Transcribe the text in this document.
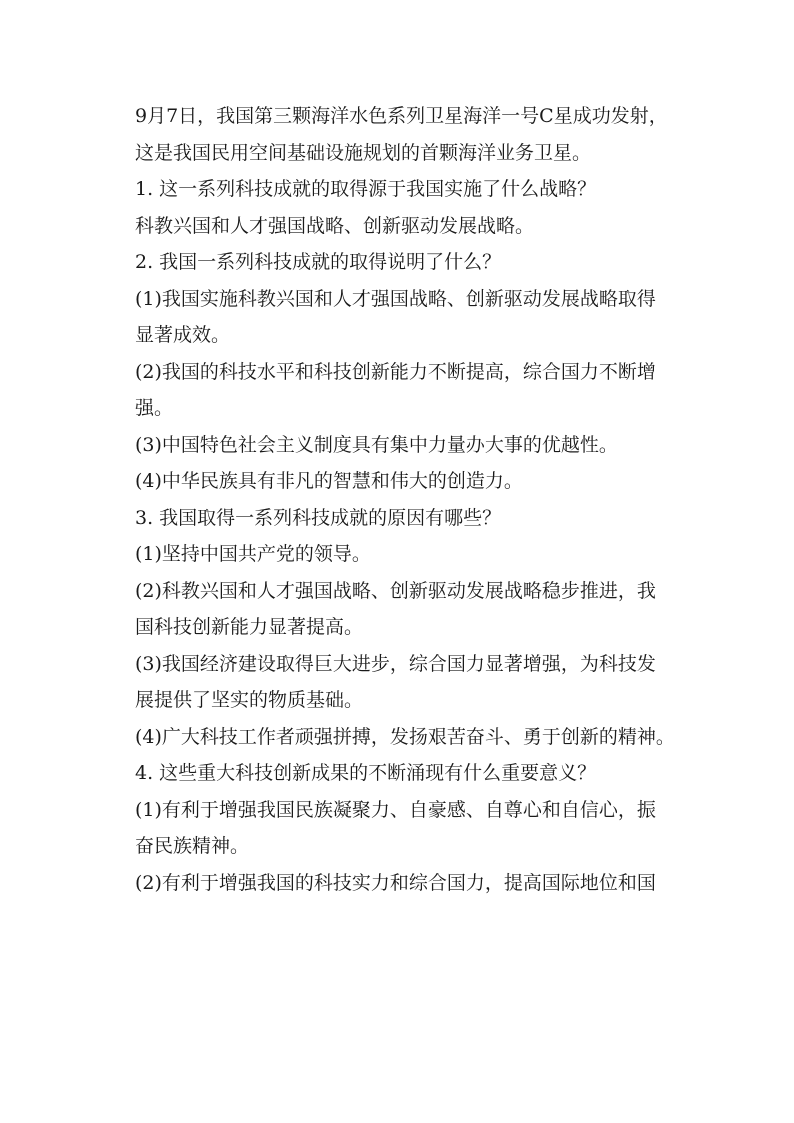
9月7日，我国第三颗海洋水色系列卫星海洋一号C星成功发射，
这是我国民用空间基础设施规划的首颗海洋业务卫星。
1. 这一系列科技成就的取得源于我国实施了什么战略？
科教兴国和人才强国战略、创新驱动发展战略。
2. 我国一系列科技成就的取得说明了什么？
(1)我国实施科教兴国和人才强国战略、创新驱动发展战略取得
显著成效。
(2)我国的科技水平和科技创新能力不断提高，综合国力不断增
强。
(3)中国特色社会主义制度具有集中力量办大事的优越性。
(4)中华民族具有非凡的智慧和伟大的创造力。
3. 我国取得一系列科技成就的原因有哪些？
(1)坚持中国共产党的领导。
(2)科教兴国和人才强国战略、创新驱动发展战略稳步推进，我
国科技创新能力显著提高。
(3)我国经济建设取得巨大进步，综合国力显著增强，为科技发
展提供了坚实的物质基础。
(4)广大科技工作者顽强拼搏，发扬艰苦奋斗、勇于创新的精神。
4. 这些重大科技创新成果的不断涌现有什么重要意义？
(1)有利于增强我国民族凝聚力、自豪感、自尊心和自信心，振
奋民族精神。
(2)有利于增强我国的科技实力和综合国力，提高国际地位和国
